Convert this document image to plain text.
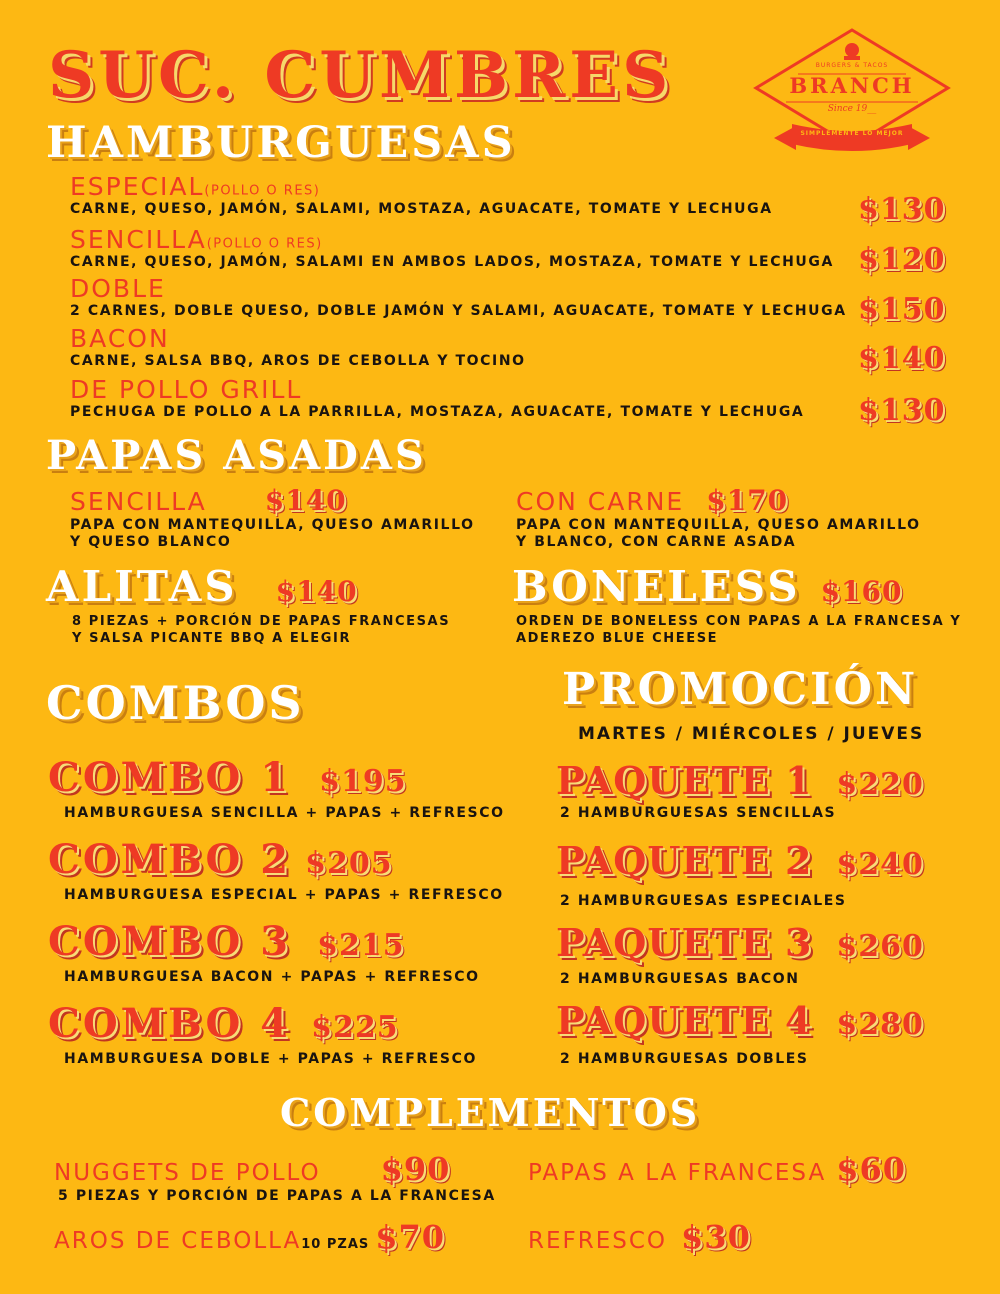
SUC. CUMBRES	BURGERS & TACOS
BRANCH
Since 19__
SIMPLEMENTE LO MEJOR
HAMBURGUESAS
ESPECIAL(POLLO O RES)
CARNE, QUESO, JAMÓN, SALAMI, MOSTAZA, AGUACATE, TOMATE Y LECHUGA	$130
SENCILLA(POLLO O RES)
CARNE, QUESO, JAMÓN, SALAMI EN AMBOS LADOS, MOSTAZA, TOMATE Y LECHUGA $120
DOBLE
2 CARNES, DOBLE QUESO, DOBLE JAMÓN Y SALAMI, AGUACATE, TOMATE Y LECHUGA $150
BACON
CARNE, SALSA BBQ, AROS DE CEBOLLA Y TOCINO	$140
DE POLLO GRILL
PECHUGA DE POLLO A LA PARRILLA, MOSTAZA, AGUACATE, TOMATE Y LECHUGA	$130
PAPAS ASADAS
SENCILLA $140
PAPA CON MANTEQUILLA, QUESO AMARILLO
Y QUESO BLANCO
CON CARNE $170
PAPA CON MANTEQUILLA, QUESO AMARILLO
Y BLANCO, CON CARNE ASADA
ALITAS $140
8 PIEZAS + PORCIÓN DE PAPAS FRANCESAS
Y SALSA PICANTE BBQ A ELEGIR
BONELESS $160
ORDEN DE BONELESS CON PAPAS A LA FRANCESA Y
ADEREZO BLUE CHEESE
COMBOS
COMBO 1 $195
HAMBURGUESA SENCILLA + PAPAS + REFRESCO
COMBO 2 $205
HAMBURGUESA ESPECIAL + PAPAS + REFRESCO
COMBO 3 $215
HAMBURGUESA BACON + PAPAS + REFRESCO
COMBO 4 $225
HAMBURGUESA DOBLE + PAPAS + REFRESCO
PROMOCIÓN
MARTES / MIÉRCOLES / JUEVES
PAQUETE 1 $220
2 HAMBURGUESAS SENCILLAS
PAQUETE 2 $240
2 HAMBURGUESAS ESPECIALES
PAQUETE 3 $260
2 HAMBURGUESAS BACON
PAQUETE 4 $280
2 HAMBURGUESAS DOBLES
COMPLEMENTOS
NUGGETS DE POLLO $90
5 PIEZAS Y PORCIÓN DE PAPAS A LA FRANCESA
PAPAS A LA FRANCESA $60
AROS DE CEBOLLA10 PZAS $70	REFRESCO $30
